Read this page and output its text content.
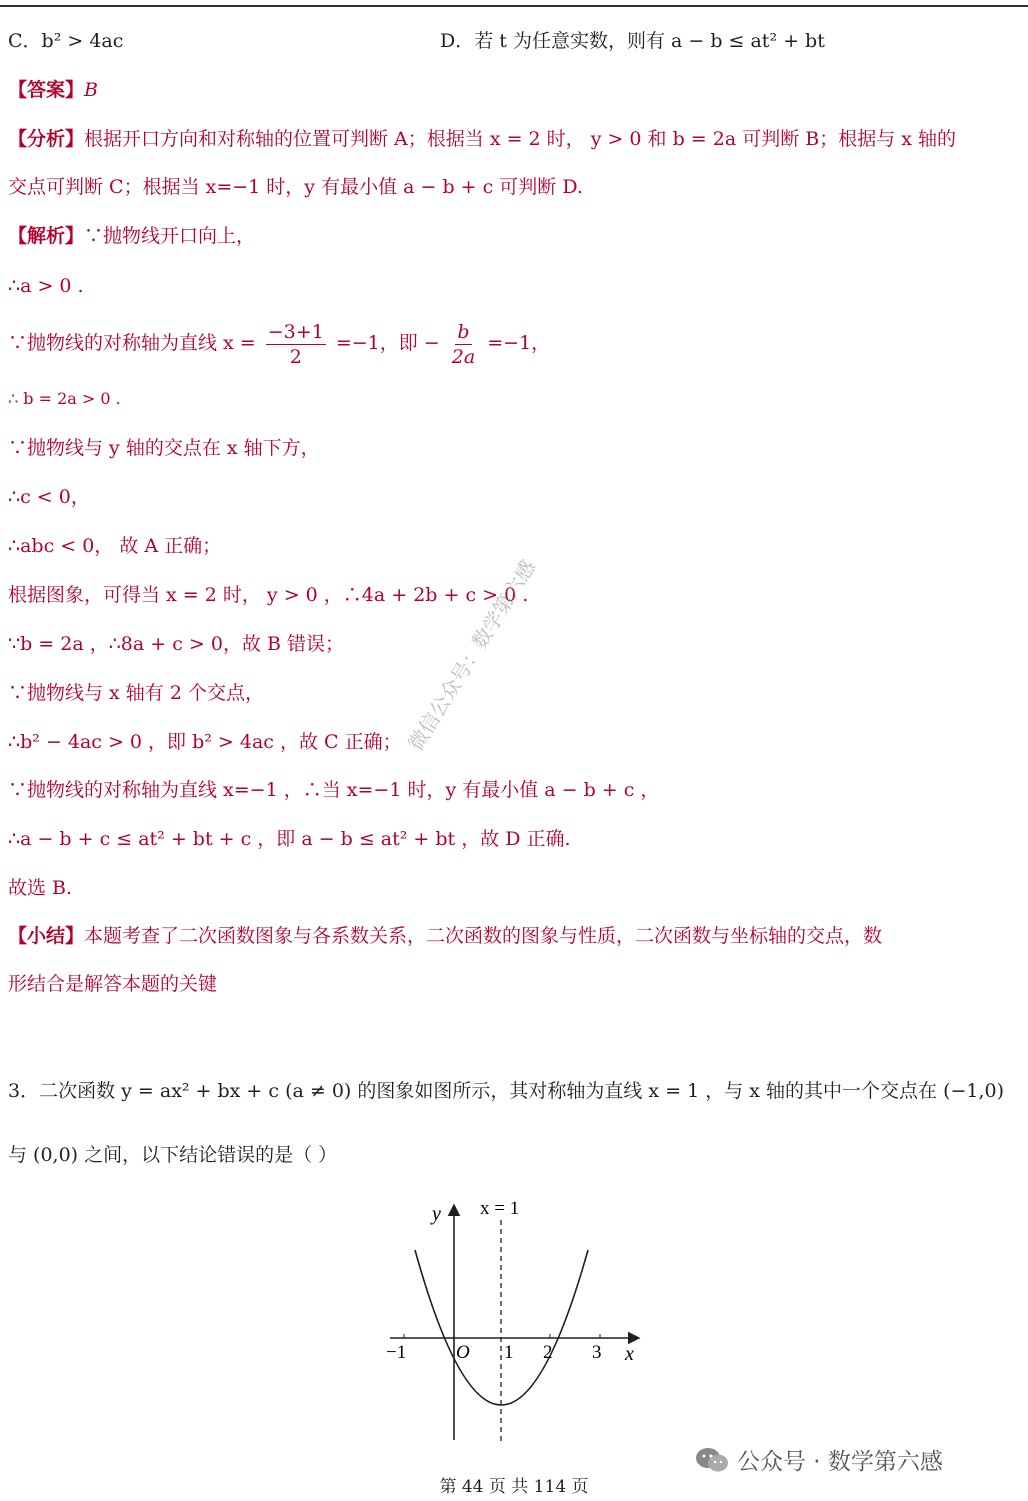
C．b² > 4ac	D．若 t 为任意实数，则有 a − b ≤ at² + bt
【答案】B
【分析】根据开口方向和对称轴的位置可判断 A；根据当 x = 2 时， y > 0 和 b = 2a 可判断 B；根据与 x 轴的
交点可判断 C；根据当 x=−1 时，y 有最小值 a − b + c 可判断 D.
【解析】∵抛物线开口向上，
∴a > 0 .
∵抛物线的对称轴为直线 $x = \frac{-3+1}{2} =-1$，即 − $\frac{b}{2a} =-1$，
∴ b = 2a > 0 .
∵抛物线与 y 轴的交点在 x 轴下方，
∴c < 0，
∴abc < 0， 故 A 正确；
根据图象，可得当 x = 2 时， y > 0 ，∴4a + 2b + c > 0 .
∵b = 2a ，∴8a + c > 0，故 B 错误；
∵抛物线与 x 轴有 2 个交点，
∴b² − 4ac > 0 ，即 b² > 4ac ，故 C 正确；
∵抛物线的对称轴为直线 x=−1 ，∴当 x=−1 时，y 有最小值 a − b + c ，
∴a − b + c ≤ at² + bt + c ，即 a − b ≤ at² + bt ，故 D 正确.
故选 B.
【小结】本题考查了二次函数图象与各系数关系，二次函数的图象与性质，二次函数与坐标轴的交点，数
形结合是解答本题的关键
3．二次函数 y = ax² + bx + c (a ≠ 0) 的图象如图所示，其对称轴为直线 x = 1 ，与 x 轴的其中一个交点在 (−1,0)
与 (0,0) 之间，以下结论错误的是（ ）
微信公众号：数学第六感
y x = 1
O
−1	1 2 3 x
公众号 · 数学第六感
第 44 页 共 114 页
